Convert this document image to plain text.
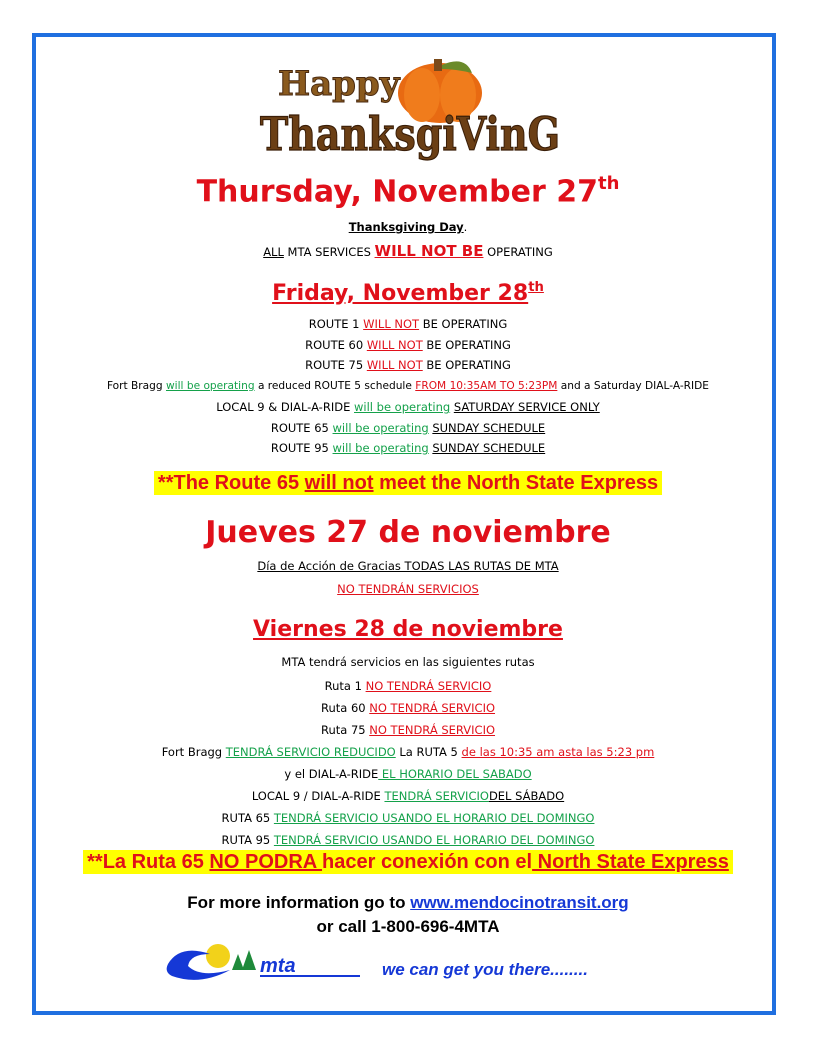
Happy
ThanksgiVinG
Thursday, November 27th
Thanksgiving Day.
ALL MTA SERVICES WILL NOT BE OPERATING
Friday, November 28th
ROUTE 1 WILL NOT BE OPERATING
ROUTE 60 WILL NOT BE OPERATING
ROUTE 75 WILL NOT BE OPERATING
Fort Bragg will be operating a reduced ROUTE 5 schedule FROM 10:35AM TO 5:23PM and a Saturday DIAL-A-RIDE
LOCAL 9 & DIAL-A-RIDE will be operating SATURDAY SERVICE ONLY
ROUTE 65 will be operating SUNDAY SCHEDULE
ROUTE 95 will be operating SUNDAY SCHEDULE
**The Route 65 will not meet the North State Express
Jueves 27 de noviembre
Día de Acción de Gracias TODAS LAS RUTAS DE MTA
NO TENDRÁN SERVICIOS
Viernes 28 de noviembre
MTA tendrá servicios en las siguientes rutas
Ruta 1 NO TENDRÁ SERVICIO
Ruta 60 NO TENDRÁ SERVICIO
Ruta 75 NO TENDRÁ SERVICIO
Fort Bragg TENDRÁ SERVICIO REDUCIDO La RUTA 5 de las 10:35 am asta las 5:23 pm
y el DIAL-A-RIDE EL HORARIO DEL SABADO
LOCAL 9 / DIAL-A-RIDE TENDRÁ SERVICIODEL SÁBADO
RUTA 65 TENDRÁ SERVICIO USANDO EL HORARIO DEL DOMINGO
RUTA 95 TENDRÁ SERVICIO USANDO EL HORARIO DEL DOMINGO
**La Ruta 65 NO PODRA hacer conexión con el North State Express
For more information go to www.mendocinotransit.org
or call 1-800-696-4MTA
mta	we can get you there........
